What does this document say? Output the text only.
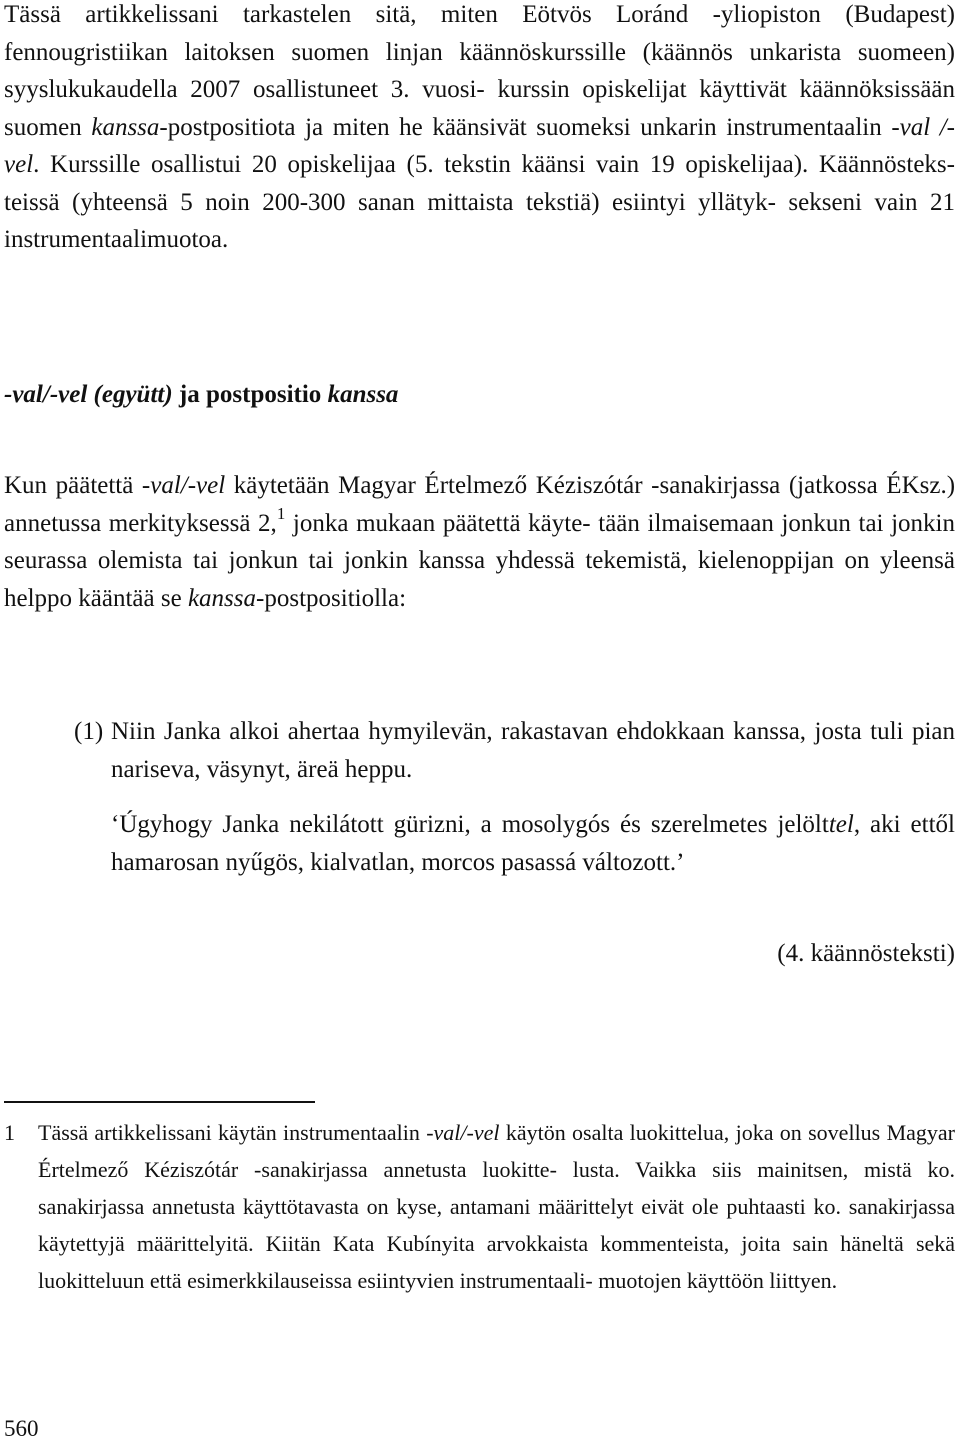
Tässä artikkelissani tarkastelen sitä, miten Eötvös Loránd -yliopiston (Budapest) fennougristiikan laitoksen suomen linjan käännöskurssille (käännös unkarista suomeen) syyslukukaudella 2007 osallistuneet 3. vuosi- kurssin opiskelijat käyttivät käännöksissään suomen kanssa-postpositiota ja miten he käänsivät suomeksi unkarin instrumentaalin -val /-vel. Kurssille osallistui 20 opiskelijaa (5. tekstin käänsi vain 19 opiskelijaa). Käännösteks- teissä (yhteensä 5 noin 200-300 sanan mittaista tekstiä) esiintyi yllätyk- sekseni vain 21 instrumentaalimuotoa.

-val/-vel (együtt) ja postpositio kanssa

Kun päätettä -val/-vel käytetään Magyar Értelmező Kéziszótár -sanakirjassa (jatkossa ÉKsz.) annetussa merkityksessä 2,$^1$ jonka mukaan päätettä käyte- tään ilmaisemaan jonkun tai jonkin seurassa olemista tai jonkun tai jonkin kanssa yhdessä tekemistä, kielenoppijan on yleensä helppo kääntää se kanssa-postpositiolla:

(1) Niin Janka alkoi ahertaa hymyilevän, rakastavan ehdokkaan kanssa, josta tuli pian nariseva, väsynyt, äreä heppu.

‘Úgyhogy Janka nekilátott gürizni, a mosolygós és szerelmetes jelölttel, aki ettől hamarosan nyűgös, kialvatlan, morcos pasassá változott.’

(4. käännösteksti)
1 Tässä artikkelissani käytän instrumentaalin -val/-vel käytön osalta luokittelua, joka on sovellus Magyar Értelmező Kéziszótár -sanakirjassa annetusta luokitte- lusta. Vaikka siis mainitsen, mistä ko. sanakirjassa annetusta käyttötavasta on kyse, antamani määrittelyt eivät ole puhtaasti ko. sanakirjassa käytettyjä määrittelyitä. Kiitän Kata Kubínyita arvokkaista kommenteista, joita sain häneltä sekä luokitteluun että esimerkkilauseissa esiintyvien instrumentaali- muotojen käyttöön liittyen.

560
